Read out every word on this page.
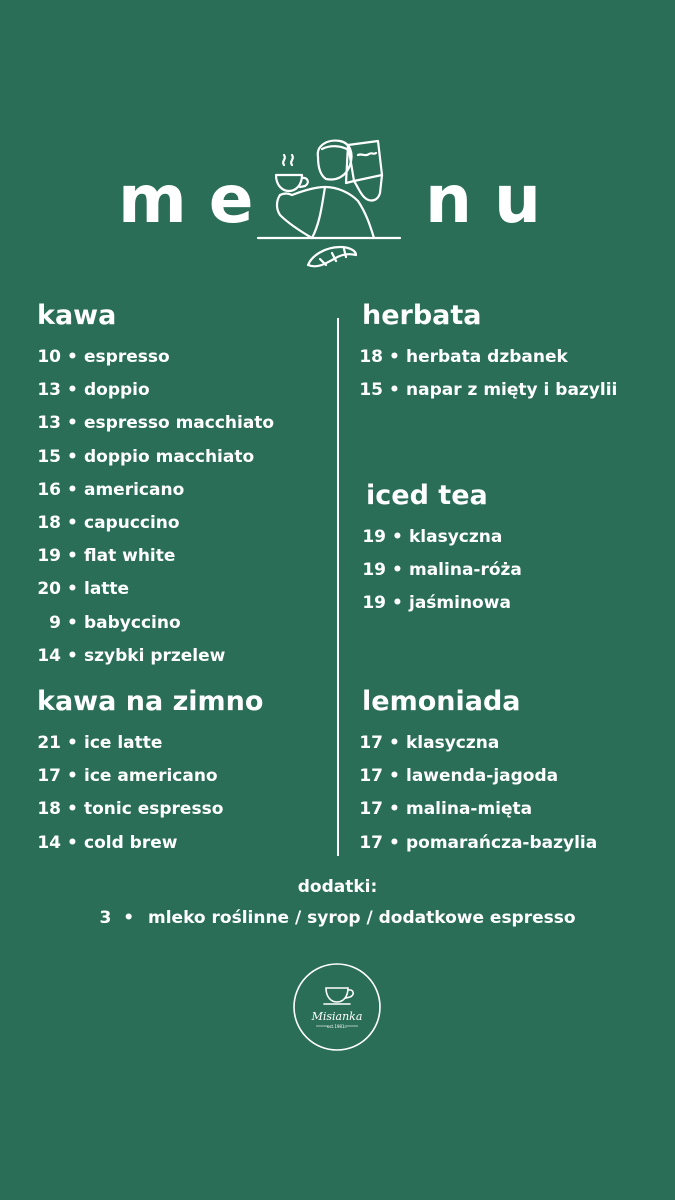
me nu
kawa
10 • espresso
13 • doppio
13 • espresso macchiato
15 • doppio macchiato
16 • americano
18 • capuccino
19 • flat white
20 • latte
9 • babyccino
14 • szybki przelew
kawa na zimno
21 • ice latte
17 • ice americano
18 • tonic espresso
14 • cold brew
herbata
18 • herbata dzbanek
15 • napar z mięty i bazylii
iced tea
19 • klasyczna
19 • malina-róża
19 • jaśminowa
lemoniada
17 • klasyczna
17 • lawenda-jagoda
17 • malina-mięta
17 • pomarańcza-bazylia
dodatki:
3 • mleko roślinne / syrop / dodatkowe espresso
Misianka
est.1981r.
